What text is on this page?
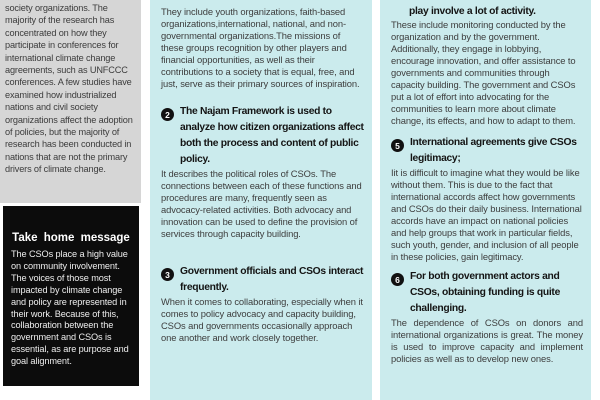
society organizations. The majority of the research has concentrated on how they participate in conferences for international climate change agreements, such as UNFCCC conferences. A few studies have examined how industrialized nations and civil society organizations affect the adoption of policies, but the majority of research has been conducted in nations that are not the primary drivers of climate change.

Take home message

The CSOs place a high value on community involvement. The voices of those most impacted by climate change and policy are represented in their work. Because of this, collaboration between the government and CSOs is essential, as are purpose and goal alignment.

They include youth organizations, faith-based organizations,international, national, and non-governmental organizations.The missions of these groups recognition by other players and financial opportunities, as well as their contributions to a society that is equal, free, and just, serve as their primary sources of inspiration.

2 The Najam Framework is used to analyze how citizen organizations affect both the process and content of public policy.

It describes the political roles of CSOs. The connections between each of these functions and procedures are many, frequently seen as advocacy-related activities. Both advocacy and innovation can be used to define the provision of services through capacity building.

3 Government officials and CSOs interact frequently.

When it comes to collaborating, especially when it comes to policy advocacy and capacity building, CSOs and governments occasionally approach one another and work closely together.

play involve a lot of activity.

These include monitoring conducted by the organization and by the government. Additionally, they engage in lobbying, encourage innovation, and offer assistance to governments and communities through capacity building. The government and CSOs put a lot of effort into advocating for the communities to learn more about climate change, its effects, and how to adapt to them.

5 International agreements give CSOs legitimacy;

Iit is difficult to imagine what they would be like without them. This is due to the fact that international accords affect how governments and CSOs do their daily business. International accords have an impact on national policies and help groups that work in particular fields, such youth, gender, and inclusion of all people in these policies, gain legitimacy.

6 For both government actors and CSOs, obtaining funding is quite challenging.

The dependence of CSOs on donors and international organizations is great. The money is used to improve capacity and implement policies as well as to develop new ones.
